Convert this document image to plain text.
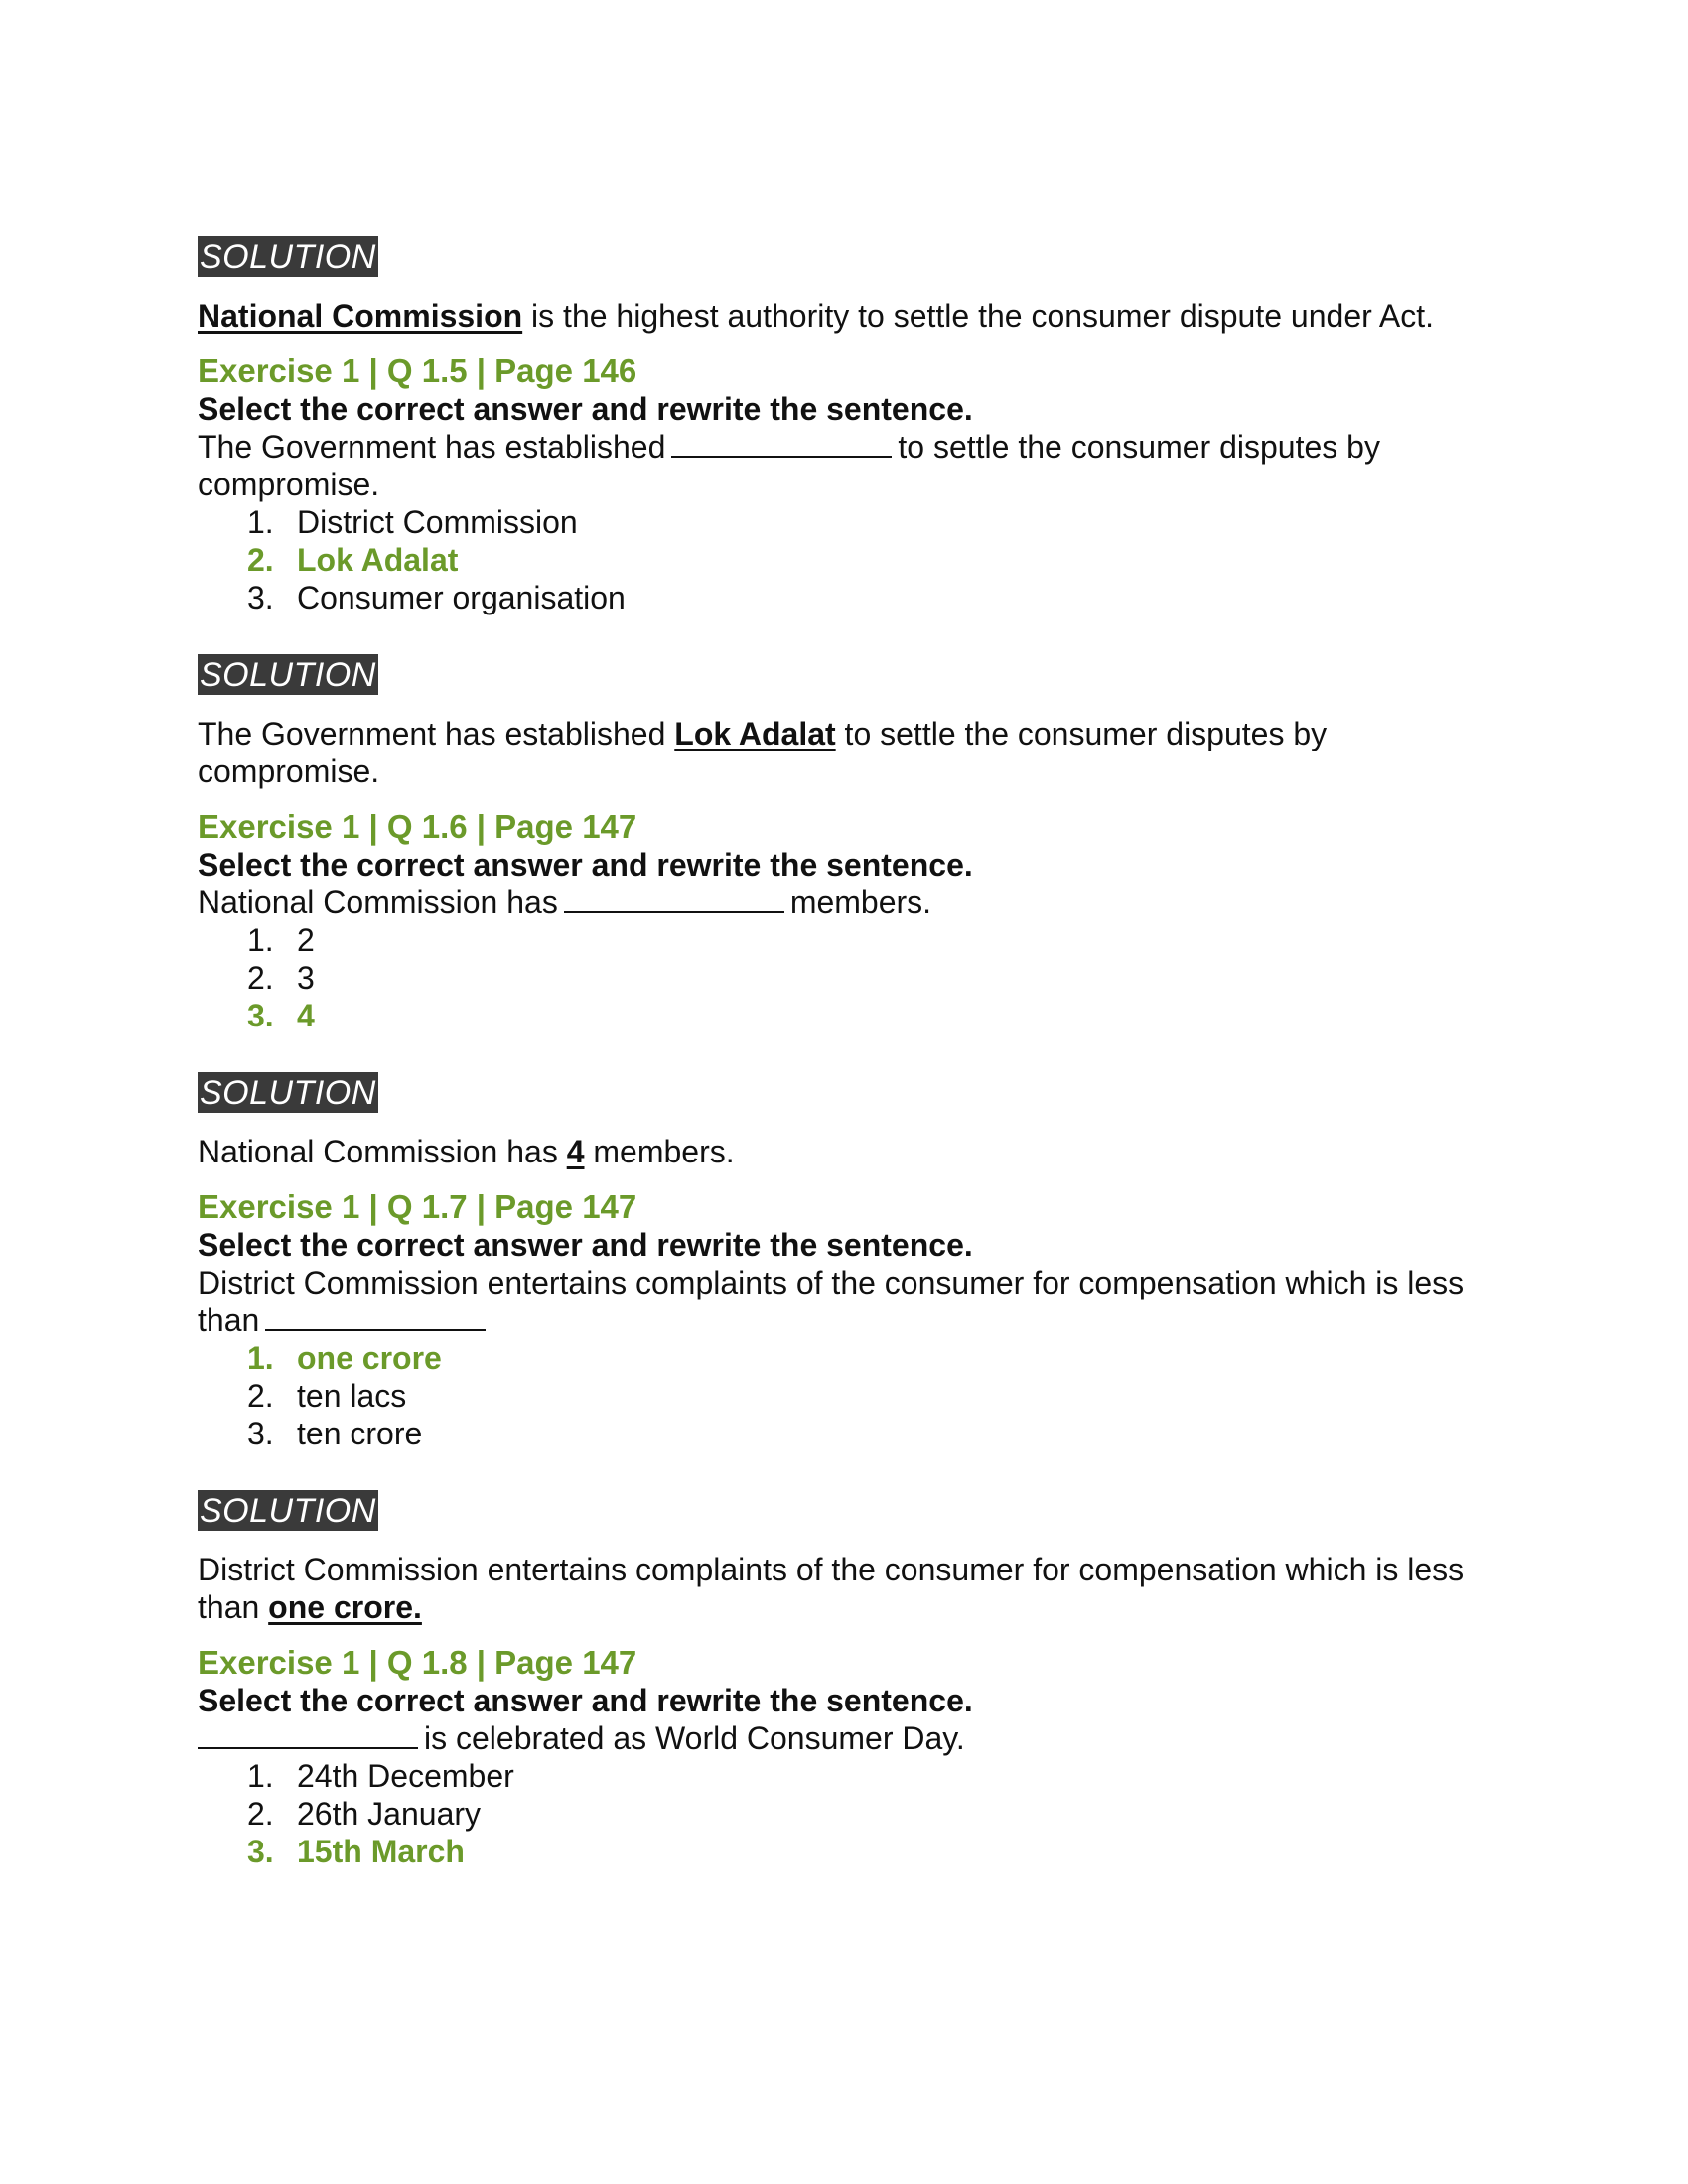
SOLUTION
National Commission is the highest authority to settle the consumer dispute under Act.
Exercise 1 | Q 1.5 | Page 146
Select the correct answer and rewrite the sentence.
The Government has established	to settle the consumer disputes by compromise.
1. District Commission
2. Lok Adalat
3. Consumer organisation
SOLUTION
The Government has established Lok Adalat to settle the consumer disputes by compromise.
Exercise 1 | Q 1.6 | Page 147
Select the correct answer and rewrite the sentence.
National Commission has	members.
1. 2
2. 3
3. 4
SOLUTION
National Commission has 4 members.
Exercise 1 | Q 1.7 | Page 147
Select the correct answer and rewrite the sentence.
District Commission entertains complaints of the consumer for compensation which is less than
1. one crore
2. ten lacs
3. ten crore
SOLUTION
District Commission entertains complaints of the consumer for compensation which is less than one crore.
Exercise 1 | Q 1.8 | Page 147
Select the correct answer and rewrite the sentence.
is celebrated as World Consumer Day.
1. 24th December
2. 26th January
3. 15th March
